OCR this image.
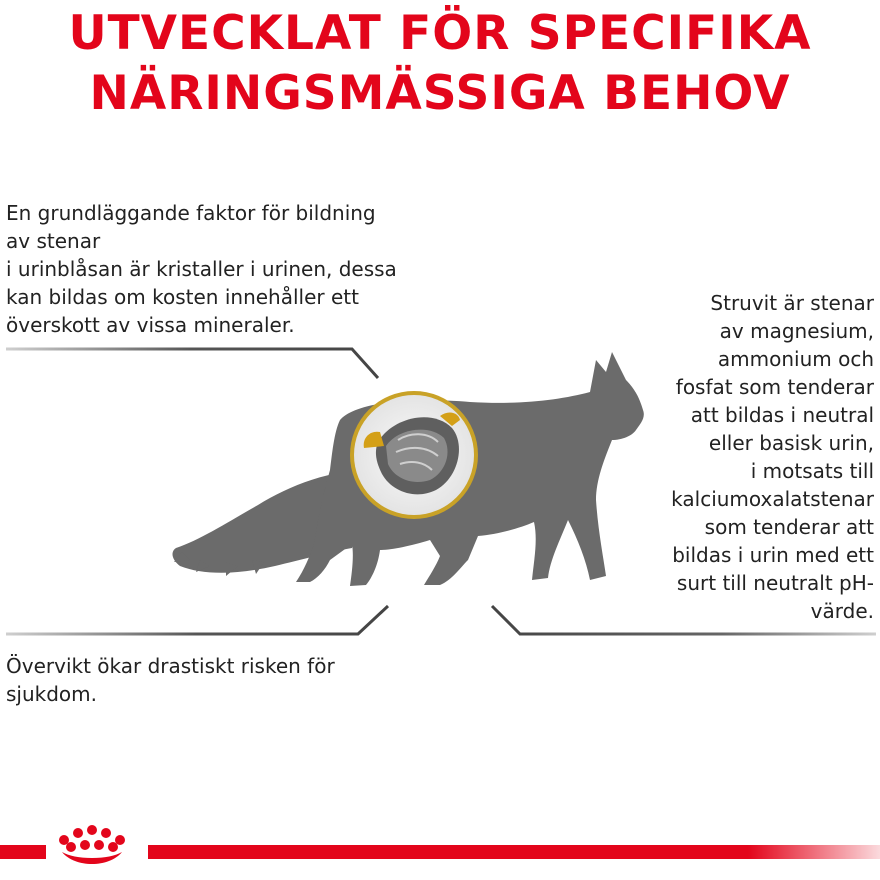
UTVECKLAT FÖR SPECIFIKA
NÄRINGSMÄSSIGA BEHOV
En grundläggande faktor för bildning
av stenar
i urinblåsan är kristaller i urinen, dessa
kan bildas om kosten innehåller ett
överskott av vissa mineraler.
Övervikt ökar drastiskt risken för
sjukdom.
Struvit är stenar
av magnesium,
ammonium och
fosfat som tenderar
att bildas i neutral
eller basisk urin,
i motsats till
kalciumoxalatstenar
som tenderar att
bildas i urin med ett
surt till neutralt pH-
värde.
